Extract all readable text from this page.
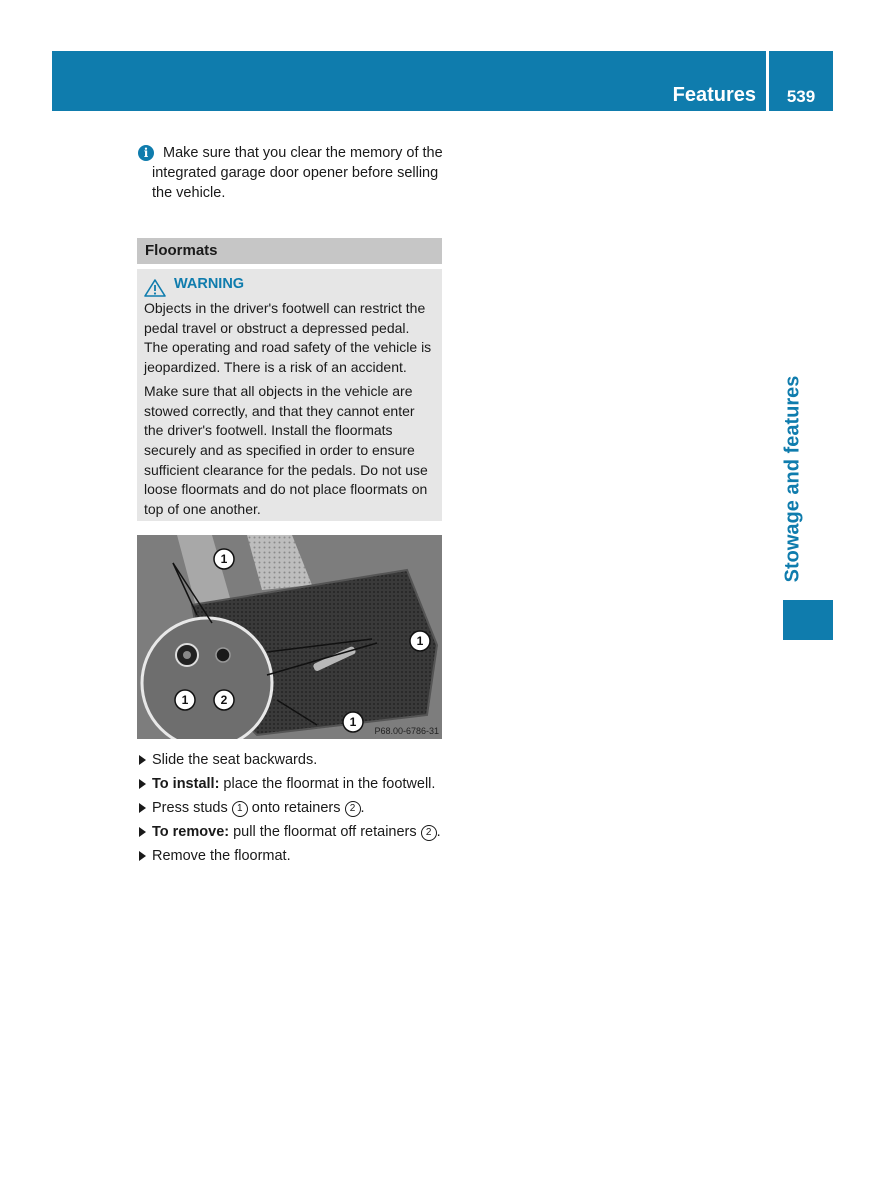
Features	539
Stowage and features
i	Make sure that you clear the memory of the integrated garage door opener before selling the vehicle.
Floormats
WARNING

Objects in the driver's footwell can restrict the pedal travel or obstruct a depressed pedal. The operating and road safety of the vehicle is jeopardized. There is a risk of an accident.

Make sure that all objects in the vehicle are stowed correctly, and that they cannot enter the driver's footwell. Install the floormats securely and as specified in order to ensure sufficient clearance for the pedals. Do not use loose floormats and do not place floormats on top of one another.

1
1
1
1	2
P68.00-6786-31
Slide the seat backwards.
To install: place the floormat in the footwell.
Press studs 1 onto retainers 2 .
To remove: pull the floormat off retainers 2 .
Remove the floormat.
